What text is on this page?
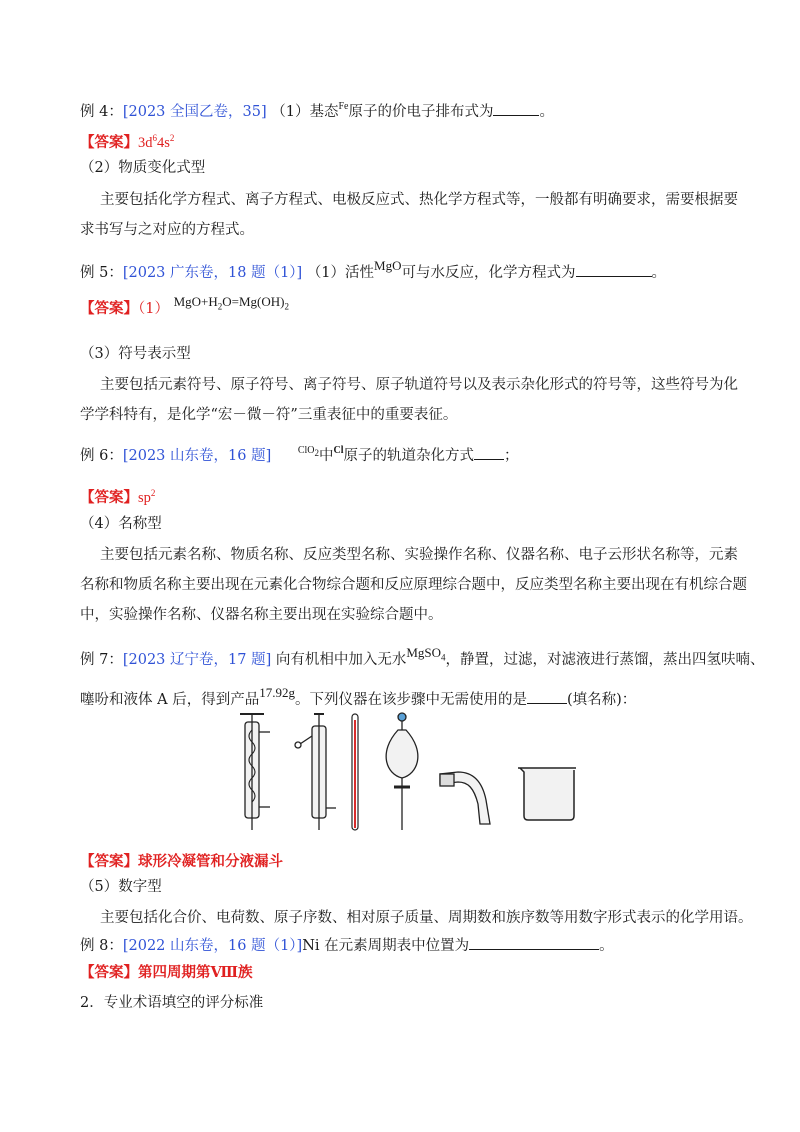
例 4：[2023 全国乙卷，35] （1）基态$^{Fe}$原子的价电子排布式为	。
【答案】$3d^64s^2$
（2）物质变化式型
主要包括化学方程式、离子方程式、电极反应式、热化学方程式等，一般都有明确要求，需要根据要
求书写与之对应的方程式。
例 5：[2023 广东卷，18 题（1）] （1）活性MgO可与水反应，化学方程式为	。
【答案】（1） $MgO+H_2O=Mg(OH)_2$
（3）符号表示型
主要包括元素符号、原子符号、离子符号、原子轨道符号以及表示杂化形式的符号等，这些符号为化
学学科特有，是化学“宏－微－符”三重表征中的重要表征。
例 6：[2023 山东卷，16 题]	$^{ClO_2}$中$^{Cl}$原子的轨道杂化方式 ；
【答案】$sp^2$
（4）名称型
主要包括元素名称、物质名称、反应类型名称、实验操作名称、仪器名称、电子云形状名称等，元素
名称和物质名称主要出现在元素化合物综合题和反应原理综合题中，反应类型名称主要出现在有机综合题
中，实验操作名称、仪器名称主要出现在实验综合题中。
例 7：[2023 辽宁卷，17 题] 向有机相中加入无水MgSO$_4$，静置，过滤，对滤液进行蒸馏，蒸出四氢呋喃、
噻吩和液体 A 后，得到产品17.92g。下列仪器在该步骤中无需使用的是	(填名称)：
【答案】球形冷凝管和分液漏斗
（5）数字型
主要包括化合价、电荷数、原子序数、相对原子质量、周期数和族序数等用数字形式表示的化学用语。
例 8：[2022 山东卷，16 题（1）]Ni 在元素周期表中位置为	。
【答案】第四周期第Ⅷ族
2．专业术语填空的评分标准
